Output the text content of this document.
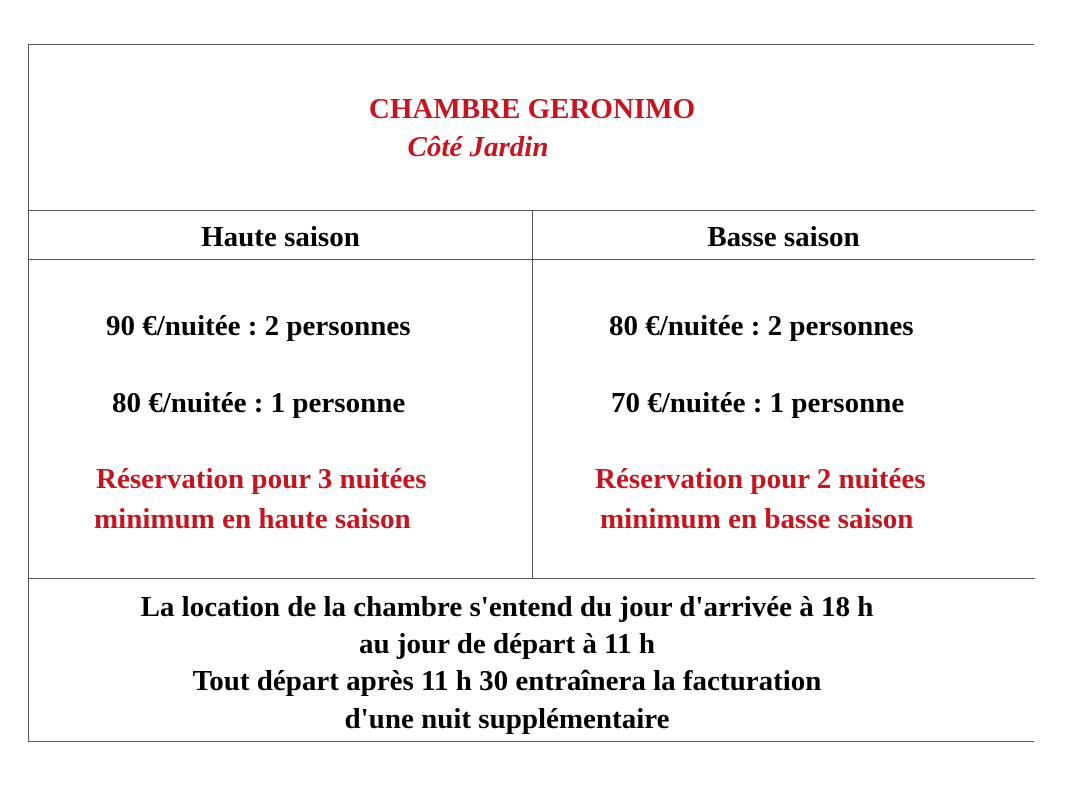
CHAMBRE GERONIMO
Côté Jardin
Haute saison	Basse saison
90 €/nuitée : 2 personnes
80 €/nuitée : 1 personne
Réservation pour 3 nuitées
minimum en haute saison
80 €/nuitée : 2 personnes
70 €/nuitée : 1 personne
Réservation pour 2 nuitées
minimum en basse saison
La location de la chambre s'entend du jour d'arrivée à 18 h
au jour de départ à 11 h
Tout départ après 11 h 30 entraînera la facturation
d'une nuit supplémentaire
